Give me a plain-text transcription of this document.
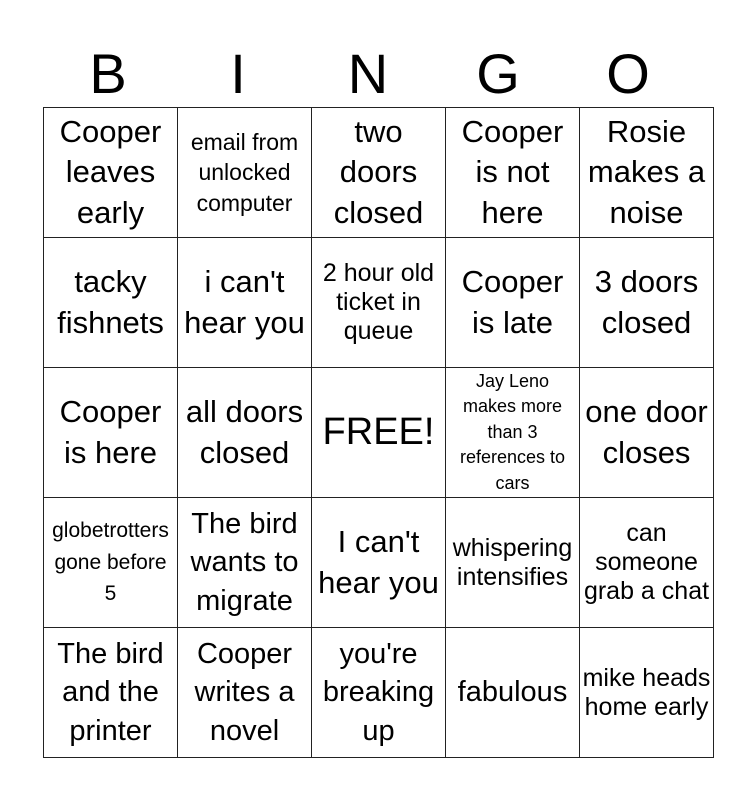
B	I	N	G	O
Cooper leaves early	email from unlocked computer	two doors closed	Cooper is not here	Rosie makes a noise
tacky fishnets	i can't hear you	2 hour old ticket in queue	Cooper is late	3 doors closed
Cooper is here	all doors closed	FREE!	Jay Leno makes more than 3 references to cars	one door closes
globetrotters gone before 5	The bird wants to migrate	I can't hear you	whispering intensifies	can someone grab a chat
The bird and the printer	Cooper writes a novel	you're breaking up	fabulous	mike heads home early
